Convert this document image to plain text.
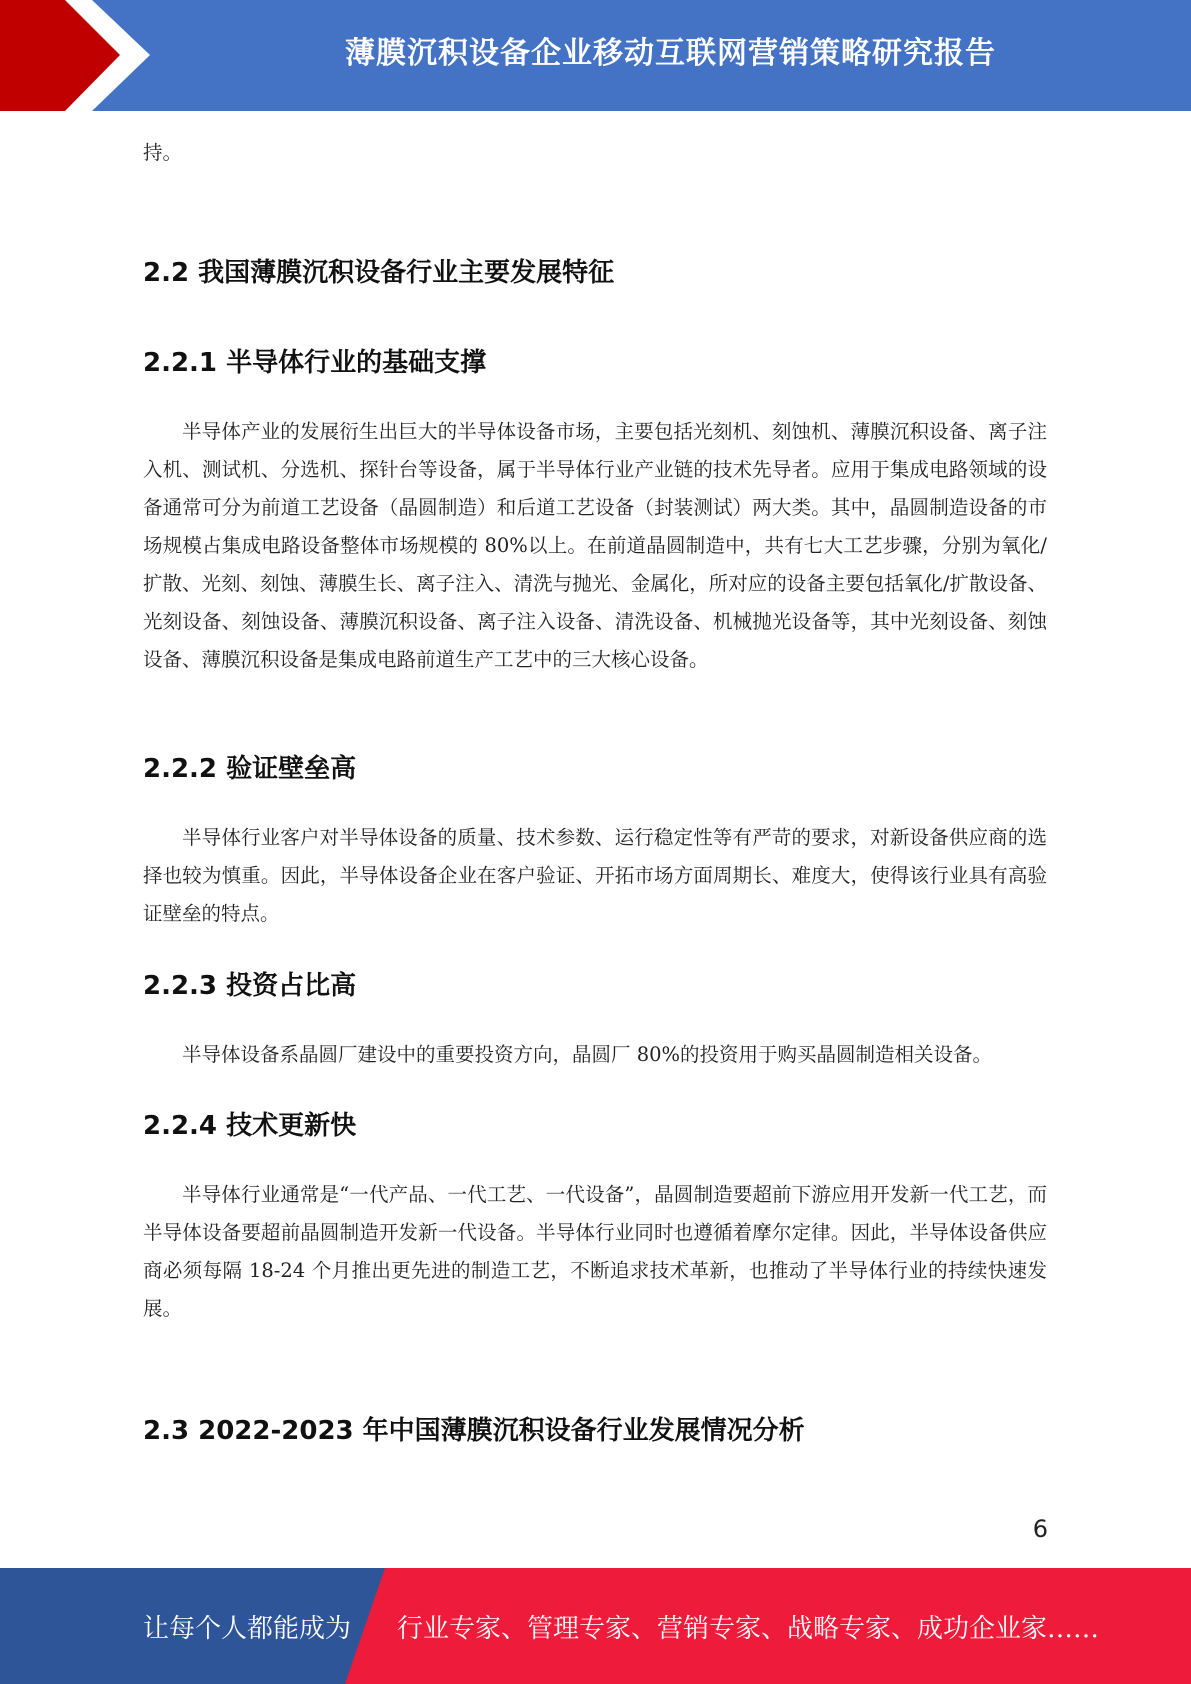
薄膜沉积设备企业移动互联网营销策略研究报告

持。

2.2 我国薄膜沉积设备行业主要发展特征
2.2.1 半导体行业的基础支撑

半导体产业的发展衍生出巨大的半导体设备市场，主要包括光刻机、刻蚀机、薄膜沉积设备、离子注入机、测试机、分选机、探针台等设备，属于半导体行业产业链的技术先导者。应用于集成电路领域的设备通常可分为前道工艺设备（晶圆制造）和后道工艺设备（封装测试）两大类。其中，晶圆制造设备的市场规模占集成电路设备整体市场规模的 80%以上。在前道晶圆制造中，共有七大工艺步骤，分别为氧化/扩散、光刻、刻蚀、薄膜生长、离子注入、清洗与抛光、金属化，所对应的设备主要包括氧化/扩散设备、光刻设备、刻蚀设备、薄膜沉积设备、离子注入设备、清洗设备、机械抛光设备等，其中光刻设备、刻蚀设备、薄膜沉积设备是集成电路前道生产工艺中的三大核心设备。

2.2.2 验证壁垒高

半导体行业客户对半导体设备的质量、技术参数、运行稳定性等有严苛的要求，对新设备供应商的选择也较为慎重。因此，半导体设备企业在客户验证、开拓市场方面周期长、难度大，使得该行业具有高验证壁垒的特点。

2.2.3 投资占比高

半导体设备系晶圆厂建设中的重要投资方向，晶圆厂 80%的投资用于购买晶圆制造相关设备。

2.2.4 技术更新快

半导体行业通常是“一代产品、一代工艺、一代设备”，晶圆制造要超前下游应用开发新一代工艺，而半导体设备要超前晶圆制造开发新一代设备。半导体行业同时也遵循着摩尔定律。因此，半导体设备供应商必须每隔 18-24 个月推出更先进的制造工艺，不断追求技术革新，也推动了半导体行业的持续快速发展。

2.3 2022-2023 年中国薄膜沉积设备行业发展情况分析
6
让每个人都能成为 行业专家、管理专家、营销专家、战略专家、成功企业家……
